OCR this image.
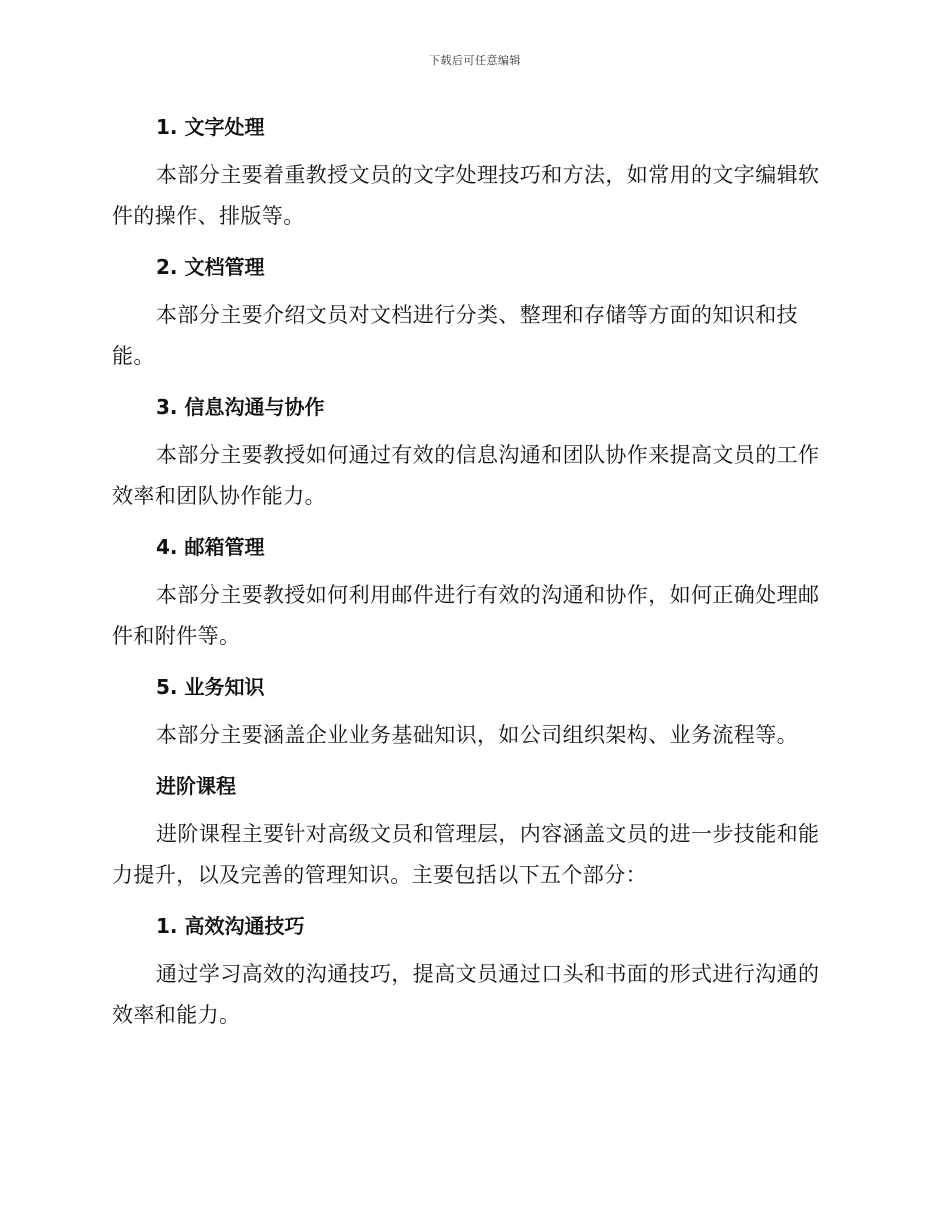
下载后可任意编辑
1. 文字处理

本部分主要着重教授文员的文字处理技巧和方法，如常用的文字编辑软件的操作、排版等。

2. 文档管理

本部分主要介绍文员对文档进行分类、整理和存储等方面的知识和技能。

3. 信息沟通与协作

本部分主要教授如何通过有效的信息沟通和团队协作来提高文员的工作效率和团队协作能力。

4. 邮箱管理

本部分主要教授如何利用邮件进行有效的沟通和协作，如何正确处理邮件和附件等。

5. 业务知识

本部分主要涵盖企业业务基础知识，如公司组织架构、业务流程等。

进阶课程

进阶课程主要针对高级文员和管理层，内容涵盖文员的进一步技能和能力提升，以及完善的管理知识。主要包括以下五个部分：

1. 高效沟通技巧

通过学习高效的沟通技巧，提高文员通过口头和书面的形式进行沟通的效率和能力。
